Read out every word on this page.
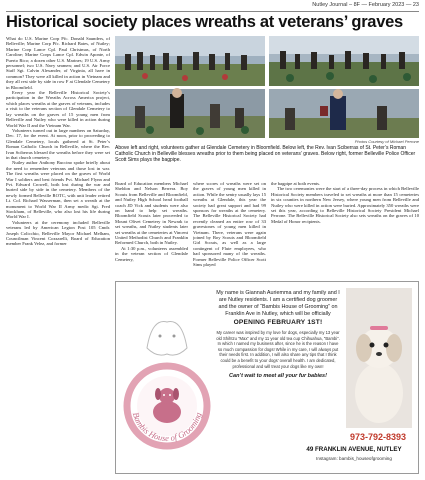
Nutley Journal – 8F — February 2023 — 23
Historical society places wreaths at veterans’ graves

What do U.S. Marine Corp Pfc. Donald Saunders, of Belleville; Marine Corp Pfc. Richard Bates, of Nutley; Marine Corp Lance Cpl. Paul Christmas, of North Caroline; Marine Corps Lance Cpl. Edwin Aponte, of Puerto Rico; a dozen other U.S. Marines; 19 U.S. Army personnel; two U.S. Navy seamen; and U.S. Air Force Staff Sgt. Calvin Alexander, of Virginia, all have in common? They were all killed in action in Vietnam and they all rest side by side in row F at Glendale Cemetery in Bloomfield.

Every year the Belleville Historical Society’s participation in the Wreaths Across America project, which places wreaths at the graves of veterans, includes a visit to the veterans section of Glendale Cemetery to lay wreaths on the graves of 15 young men from Belleville and Nutley who were killed in action during World War II and the Vietnam War.

Volunteers turned out in large numbers on Saturday, Dec. 17, for the event. At noon, prior to proceeding to Glendale Cemetery, locals gathered at St. Peter’s Roman Catholic Church in Belleville, where the Rev. Ivan Sciberras blessed the wreaths before they were set in that church cemetery.

Nutley author Anthony Buccino spoke briefly about the need to remember veterans and those lost in war. The first wreaths were placed on the graves of World War I soldiers and best friends Pvt. Michael Flynn and Pvt. Edward Crowell, both lost during the war and buried side by side in the cemetery. Members of the newly formed Belleville ROTC, with unit leader retired Lt. Col. Richard Wasserman, then set a wreath at the monument to World War II Army medic Sgt. Fred Stockham, of Belleville, who also lost his life during World War I.

Volunteers at the ceremony included Belleville veterans led by American Legion Post 105 Cmdr. Joseph Colicchio, Belleville Mayor Michael Melham, Councilman Vincent Cozzarelli, Board of Education member Frank Velez, and former

Photos Courtesy of Michael Perrone
Above left and right, volunteers gather at Glendale Cemetery in Bloomfield. Below left, the Rev. Ivan Sciberras of St. Peter’s Roman Catholic Church in Belleville blesses wreaths prior to them being placed on veterans’ graves. Below right, former Belleville Police Officer Scott Sims plays the bagpipe.

Board of Education members Michael Sheldon and Nelson Berrera. Boy Scouts from Belleville and Bloomfield, and Nutley High School head football coach JD Vick and students were also on hand to help set wreaths. Bloomfield Scouts later proceeded to Mount Olivet Cemetery in Newark to set wreaths, and Nutley students later set wreaths at the cemeteries at Vincent United Methodist Church and Franklin Reformed Church, both in Nutley.

At 1:30 p.m., volunteers assembled in the veteran section of Glendale Cemetery,

where scores of wreaths were set on the graves of young men killed in action. While the sentry usually lays 15 wreaths at Glendale, this year the society had great support and had 99 sponsors for wreaths at the cemetery. The Belleville Historical Society had recently cleaned an entire row of 33 gravestones of young men killed in Vietnam. There, veterans were again joined by Boy Scouts and Bloomfield Girl Scouts, as well as a large contingent of Flute employees, who had sponsored many of the wreaths. Former Belleville Police Officer Scott Sims played

the bagpipe at both events.

The two ceremonies were the start of a three-day process in which Belleville Historical Society members traveled to set wreaths at more than 15 cemeteries in six counties in northern New Jersey, where young men from Belleville and Nutley who were killed in action were buried. Approximately 350 wreaths were set this year, according to Belleville Historical Society President Michael Perrone. The Belleville Historical Society also sets wreaths on the graves of 10 Medal of Honor recipients.

Bambis House of Grooming
My name is Giannah Auriemma and my family and I are Nutley residents. I am a certified dog groomer and the owner of “Bambis House of Grooming” on Franklin Ave in Nutley, which will be officially
OPENING FEBRUARY 1ST!
My career was inspired by my love for dogs, especially my 13 year old Shihtzu “Max” and my 11 year old tea cup Chihuahua, “Bambi”. In which I named my business after, since he is the reason I have so much compassion for dogs! While in my care, I will always put their needs first. In addition, I will also share any tips that I think could be a benefit to your dogs’ overall health. I am dedicated, professional and will treat your dogs like my own!
Can’t wait to meet all your fur babies!
973-792-8393
49 FRANKLIN AVENUE, NUTLEY
Instagram: bambis_houseofgrooming
